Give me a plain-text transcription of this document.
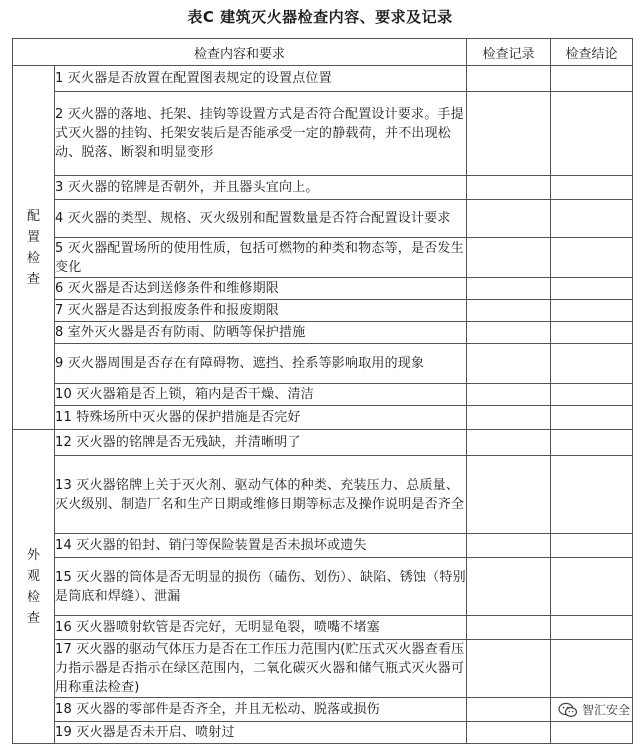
表C 建筑灭火器检查内容、要求及记录
检查内容和要求		检查记录	检查结论

配
置
检
查	1 灭火器是否放置在配置图表规定的设置点位置		
	2 灭火器的落地、托架、挂钩等设置方式是否符合配置设计要求。手提式灭火器的挂钩、托架安装后是否能承受一定的静载荷，并不出现松动、脱落、断裂和明显变形		
	3 灭火器的铭牌是否朝外，并且器头宜向上。		
	4 灭火器的类型、规格、灭火级别和配置数量是否符合配置设计要求		
	5 灭火器配置场所的使用性质，包括可燃物的种类和物态等，是否发生变化		
	6 灭火器是否达到送修条件和维修期限		
	7 灭火器是否达到报废条件和报废期限		
	8 室外灭火器是否有防雨、防晒等保护措施		
	9 灭火器周围是否存在有障碍物、遮挡、拴系等影响取用的现象		
	10 灭火器箱是否上锁，箱内是否干燥、清洁		
	11 特殊场所中灭火器的保护措施是否完好		

外
观
检
查	12 灭火器的铭牌是否无残缺，并清晰明了		
	13 灭火器铭牌上关于灭火剂、驱动气体的种类、充装压力、总质量、灭火级别、制造厂名和生产日期或维修日期等标志及操作说明是否齐全		
	14 灭火器的铅封、销闩等保险装置是否未损坏或遗失		
	15 灭火器的筒体是否无明显的损伤（磕伤、划伤）、缺陷、锈蚀（特别是筒底和焊缝）、泄漏		
	16 灭火器喷射软管是否完好，无明显龟裂，喷嘴不堵塞		
	17 灭火器的驱动气体压力是否在工作压力范围内(贮压式灭火器查看压力指示器是否指示在绿区范围内，二氧化碳灭火器和储气瓶式灭火器可用称重法检查)		
	18 灭火器的零部件是否齐全，并且无松动、脱落或损伤		
	19 灭火器是否未开启、喷射过		
智汇安全
